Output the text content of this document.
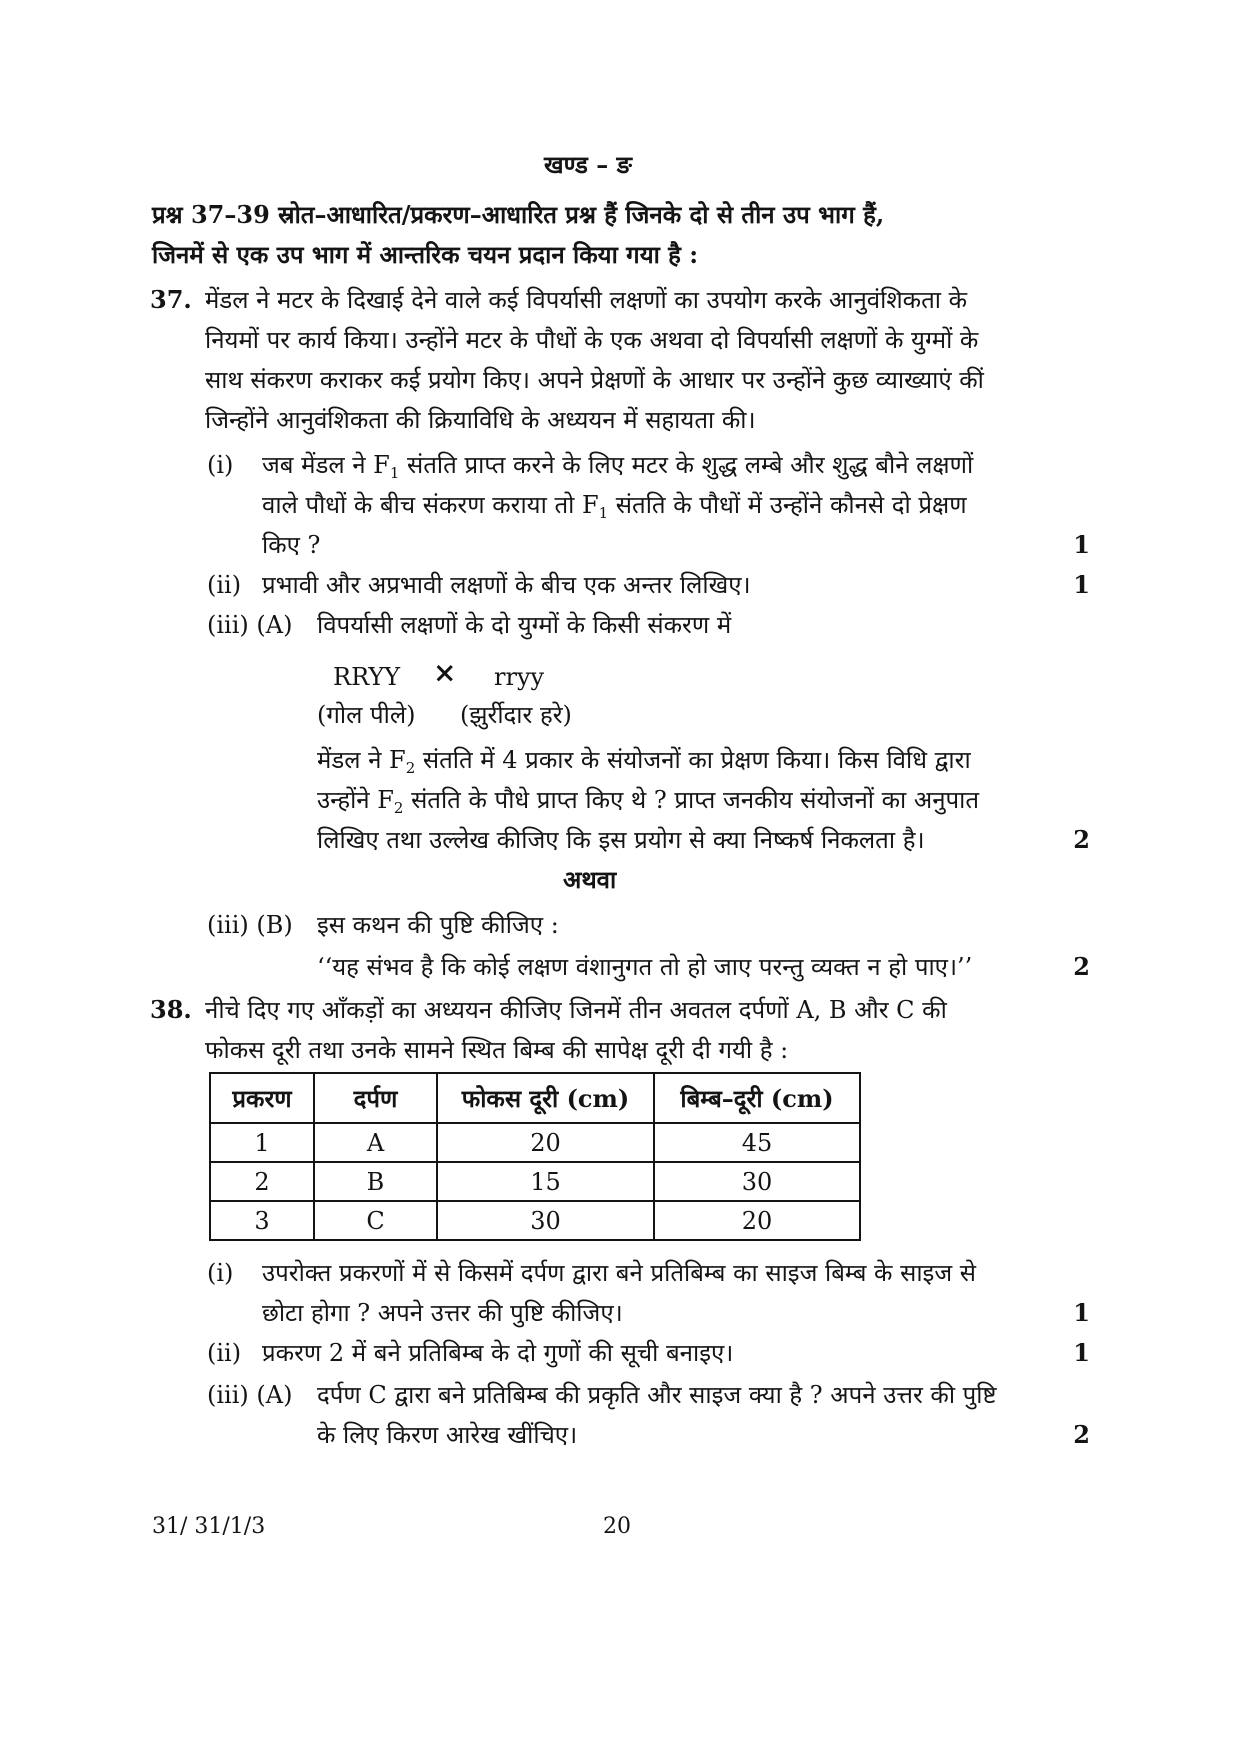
खण्ड – ङ
प्रश्न 37–39 स्रोत–आधारित/प्रकरण–आधारित प्रश्न हैं जिनके दो से तीन उप भाग हैं,
जिनमें से एक उप भाग में आन्तरिक चयन प्रदान किया गया है :
37. मेंडल ने मटर के दिखाई देने वाले कई विपर्यासी लक्षणों का उपयोग करके आनुवंशिकता के
नियमों पर कार्य किया। उन्होंने मटर के पौधों के एक अथवा दो विपर्यासी लक्षणों के युग्मों के
साथ संकरण कराकर कई प्रयोग किए। अपने प्रेक्षणों के आधार पर उन्होंने कुछ व्याख्याएं कीं
जिन्होंने आनुवंशिकता की क्रियाविधि के अध्ययन में सहायता की।
(i) जब मेंडल ने $F_1$ संतति प्राप्त करने के लिए मटर के शुद्ध लम्बे और शुद्ध बौने लक्षणों
वाले पौधों के बीच संकरण कराया तो $F_1$ संतति के पौधों में उन्होंने कौनसे दो प्रेक्षण
किए ?	1
(ii) प्रभावी और अप्रभावी लक्षणों के बीच एक अन्तर लिखिए।	1
(iii) (A) विपर्यासी लक्षणों के दो युग्मों के किसी संकरण में
RRYY × rryy
(गोल पीले) (झुर्रीदार हरे)
मेंडल ने $F_2$ संतति में 4 प्रकार के संयोजनों का प्रेक्षण किया। किस विधि द्वारा
उन्होंने $F_2$ संतति के पौधे प्राप्त किए थे ? प्राप्त जनकीय संयोजनों का अनुपात
लिखिए तथा उल्लेख कीजिए कि इस प्रयोग से क्या निष्कर्ष निकलता है।	2
अथवा
(iii) (B) इस कथन की पुष्टि कीजिए :
‘‘यह संभव है कि कोई लक्षण वंशानुगत तो हो जाए परन्तु व्यक्त न हो पाए।’’	2
38. नीचे दिए गए आँकड़ों का अध्ययन कीजिए जिनमें तीन अवतल दर्पणों A, B और C की
फोकस दूरी तथा उनके सामने स्थित बिम्ब की सापेक्ष दूरी दी गयी है :
प्रकरण	दर्पण	फोकस दूरी (cm)	बिम्ब–दूरी (cm)
1	A	20	45
2	B	15	30
3	C	30	20
(i) उपरोक्त प्रकरणों में से किसमें दर्पण द्वारा बने प्रतिबिम्ब का साइज बिम्ब के साइज से
छोटा होगा ? अपने उत्तर की पुष्टि कीजिए।	1
(ii) प्रकरण 2 में बने प्रतिबिम्ब के दो गुणों की सूची बनाइए।	1
(iii) (A) दर्पण C द्वारा बने प्रतिबिम्ब की प्रकृति और साइज क्या है ? अपने उत्तर की पुष्टि
के लिए किरण आरेख खींचिए।	2
31/ 31/1/3	20
